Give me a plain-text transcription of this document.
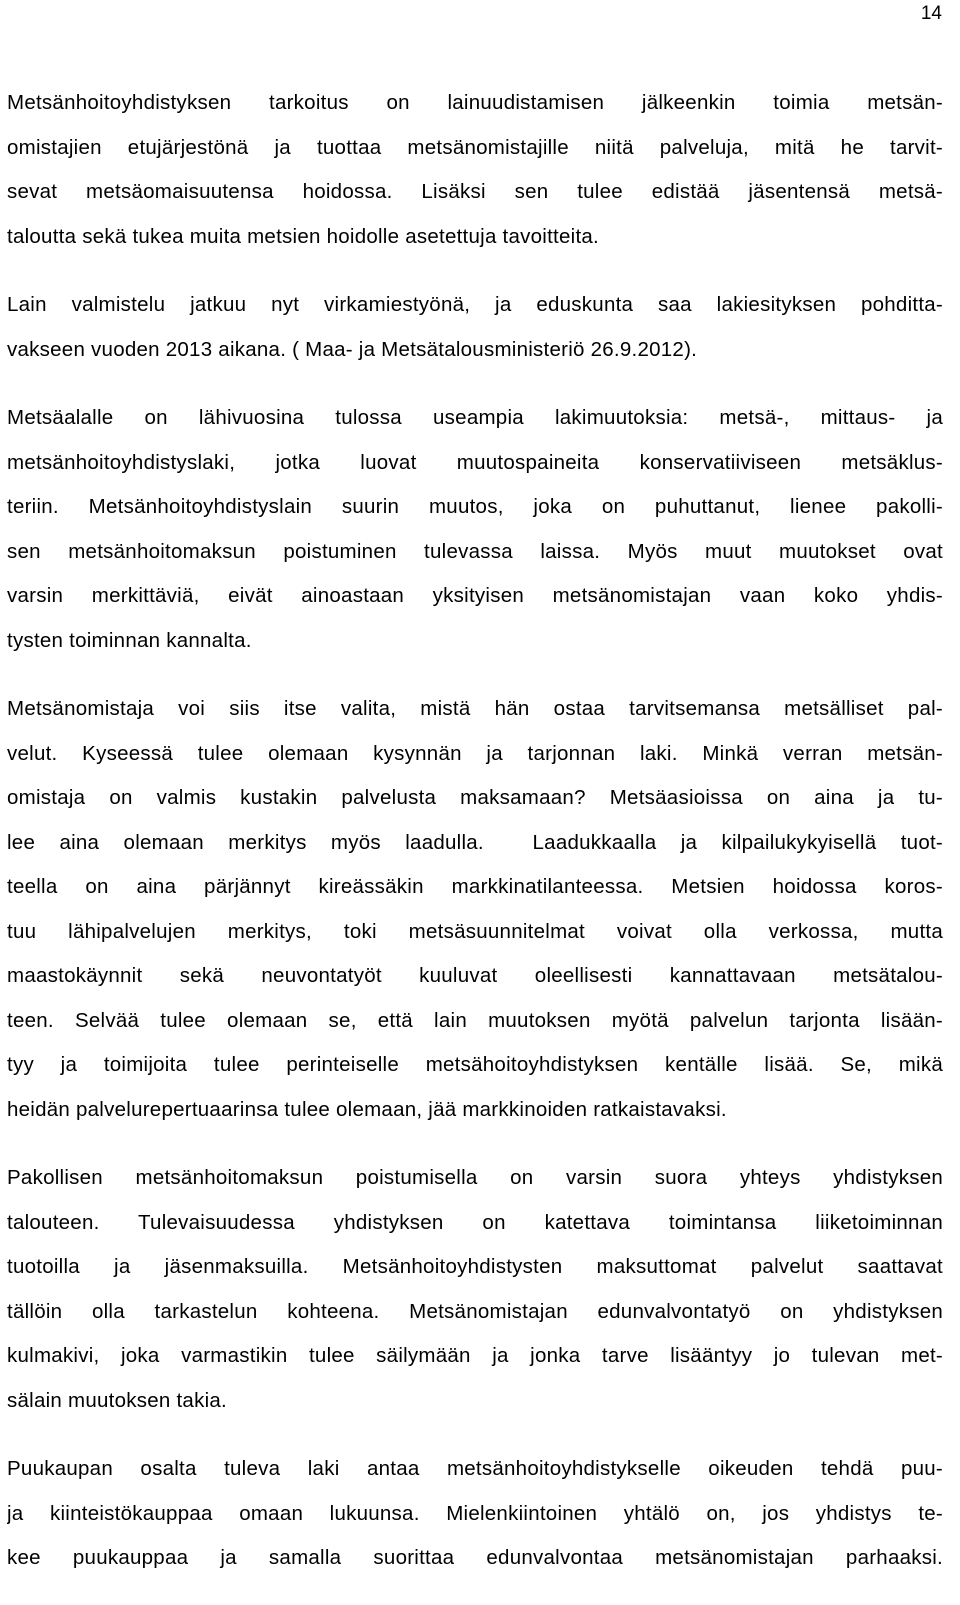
14
Metsänhoitoyhdistyksen tarkoitus on lainuudistamisen jälkeenkin toimia metsän-
omistajien etujärjestönä ja tuottaa metsänomistajille niitä palveluja, mitä he tarvit-
sevat metsäomaisuutensa hoidossa. Lisäksi sen tulee edistää jäsentensä metsä-
taloutta sekä tukea muita metsien hoidolle asetettuja tavoitteita.
Lain valmistelu jatkuu nyt virkamiestyönä, ja eduskunta saa lakiesityksen pohditta-
vakseen vuoden 2013 aikana. ( Maa- ja Metsätalousministeriö 26.9.2012).
Metsäalalle on lähivuosina tulossa useampia lakimuutoksia: metsä-, mittaus- ja
metsänhoitoyhdistyslaki, jotka luovat muutospaineita konservatiiviseen metsäklus-
teriin. Metsänhoitoyhdistyslain suurin muutos, joka on puhuttanut, lienee pakolli-
sen metsänhoitomaksun poistuminen tulevassa laissa. Myös muut muutokset ovat
varsin merkittäviä, eivät ainoastaan yksityisen metsänomistajan vaan koko yhdis-
tysten toiminnan kannalta.
Metsänomistaja voi siis itse valita, mistä hän ostaa tarvitsemansa metsälliset pal-
velut. Kyseessä tulee olemaan kysynnän ja tarjonnan laki. Minkä verran metsän-
omistaja on valmis kustakin palvelusta maksamaan? Metsäasioissa on aina ja tu-
lee aina olemaan merkitys myös laadulla.  Laadukkaalla ja kilpailukykyisellä tuot-
teella on aina pärjännyt kireässäkin markkinatilanteessa. Metsien hoidossa koros-
tuu lähipalvelujen merkitys, toki metsäsuunnitelmat voivat olla verkossa, mutta
maastokäynnit sekä neuvontatyöt kuuluvat oleellisesti kannattavaan metsätalou-
teen. Selvää tulee olemaan se, että lain muutoksen myötä palvelun tarjonta lisään-
tyy ja toimijoita tulee perinteiselle metsähoitoyhdistyksen kentälle lisää. Se, mikä
heidän palvelurepertuaarinsa tulee olemaan, jää markkinoiden ratkaistavaksi.
Pakollisen metsänhoitomaksun poistumisella on varsin suora yhteys yhdistyksen
talouteen. Tulevaisuudessa yhdistyksen on katettava toimintansa liiketoiminnan
tuotoilla ja jäsenmaksuilla. Metsänhoitoyhdistysten maksuttomat palvelut saattavat
tällöin olla tarkastelun kohteena. Metsänomistajan edunvalvontatyö on yhdistyksen
kulmakivi, joka varmastikin tulee säilymään ja jonka tarve lisääntyy jo tulevan met-
sälain muutoksen takia.
Puukaupan osalta tuleva laki antaa metsänhoitoyhdistykselle oikeuden tehdä puu-
ja kiinteistökauppaa omaan lukuunsa. Mielenkiintoinen yhtälö on, jos yhdistys te-
kee puukauppaa ja samalla suorittaa edunvalvontaa metsänomistajan parhaaksi.
